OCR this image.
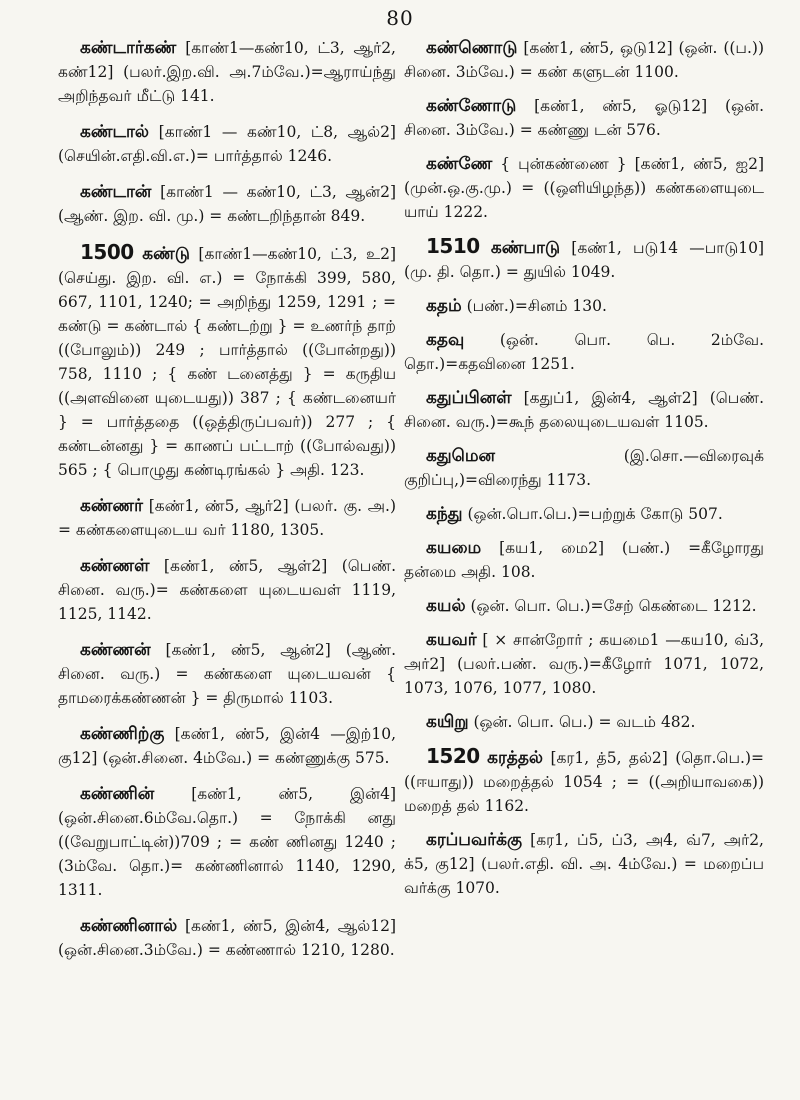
80

கண்டார்கண் [காண்1—கண்10, ட்3, ஆர்2, கண்12] (பலர்.இற.வி. அ.7ம்வே.)=ஆராய்ந்து அறிந்தவர் மீட்டு 141.

கண்டால் [காண்1 — கண்10, ட்8, ஆல்2] (செயின்.எதி.வி.எ.)= பார்த்தால் 1246.

கண்டான் [காண்1 — கண்10, ட்3, ஆன்2] (ஆண். இற. வி. மு.) = கண்டறிந்தான் 849.

1500 கண்டு [காண்1—கண்10, ட்3, உ2] (செய்து. இற. வி. எ.) = நோக்கி 399, 580, 667, 1101, 1240; = அறிந்து 1259, 1291 ; = கண்டு = கண்டால் { கண்டற்று } = உணர்ந் தாற் ((போலும்)) 249 ; பார்த்தால் ((போன்றது)) 758, 1110 ; { கண் டனைத்து } = கருதிய ((அளவினை யுடையது)) 387 ; { கண்டனையர் } = பார்த்ததை ((ஒத்திருப்பவர்)) 277 ; { கண்டன்னது } = காணப் பட்டாற் ((போல்வது)) 565 ; { பொழுது கண்டிரங்கல் } அதி. 123.

கண்ணர் [கண்1, ண்5, ஆர்2] (பலர். கு. அ.) = கண்களையுடைய வர் 1180, 1305.

கண்ணள் [கண்1, ண்5, ஆள்2] (பெண். சினை. வரு.)= கண்களை யுடையவள் 1119, 1125, 1142.

கண்ணன் [கண்1, ண்5, ஆன்2] (ஆண். சினை. வரு.) = கண்களை யுடையவன் { தாமரைக்கண்ணன் } = திருமால் 1103.

கண்ணிற்கு [கண்1, ண்5, இன்4 —இற்10, கு12] (ஒன்.சினை. 4ம்வே.) = கண்ணுக்கு 575.

கண்ணின் [கண்1, ண்5, இன்4] (ஒன்.சினை.6ம்வே.தொ.) = நோக்கி னது ((வேறுபாட்டின்))709 ; = கண் ணினது 1240 ; (3ம்வே. தொ.)= கண்ணினால் 1140, 1290, 1311.

கண்ணினால் [கண்1, ண்5, இன்4, ஆல்12] (ஒன்.சினை.3ம்வே.) = கண்ணால் 1210, 1280.

கண்ணொடு [கண்1, ண்5, ஒடு12] (ஒன். ((ப.)) சினை. 3ம்வே.) = கண் களுடன் 1100.

கண்ணோடு [கண்1, ண்5, ஓடு12] (ஒன். சினை. 3ம்வே.) = கண்ணு டன் 576.

கண்ணே { புன்கண்ணை } [கண்1, ண்5, ஐ2] (முன்.ஒ.கு.மு.) = ((ஒளியிழந்த)) கண்களையுடை யாய் 1222.

1510 கண்பாடு [கண்1, படு14 —பாடு10] (மு. தி. தொ.) = துயில் 1049.

கதம் (பண்.)=சினம் 130.

கதவு (ஒன். பொ. பெ. 2ம்வே. தொ.)=கதவினை 1251.

கதுப்பினள் [கதுப்1, இன்4, ஆள்2] (பெண். சினை. வரு.)=கூந் தலையுடையவள் 1105.

கதுமென	(இ.சொ.—விரைவுக் குறிப்பு,)=விரைந்து 1173.

கந்து (ஒன்.பொ.பெ.)=பற்றுக் கோடு 507.

கயமை [கய1, மை2] (பண்.) =கீழோரது தன்மை அதி. 108.

கயல் (ஒன். பொ. பெ.)=சேற் கெண்டை 1212.

கயவர் [ × சான்றோர் ; கயமை1 —கய10, வ்3, அர்2] (பலர்.பண். வரு.)=கீழோர் 1071, 1072, 1073, 1076, 1077, 1080.

கயிறு (ஒன். பொ. பெ.) = வடம் 482.

1520 கரத்தல் [கர1, த்5, தல்2] (தொ.பெ.)=((ஈயாது)) மறைத்தல் 1054 ; = ((அறியாவகை)) மறைத் தல் 1162.

கரப்பவர்க்கு [கர1, ப்5, ப்3, அ4, வ்7, அர்2, க்5, கு12] (பலர்.எதி. வி. அ. 4ம்வே.) = மறைப்ப வர்க்கு 1070.
